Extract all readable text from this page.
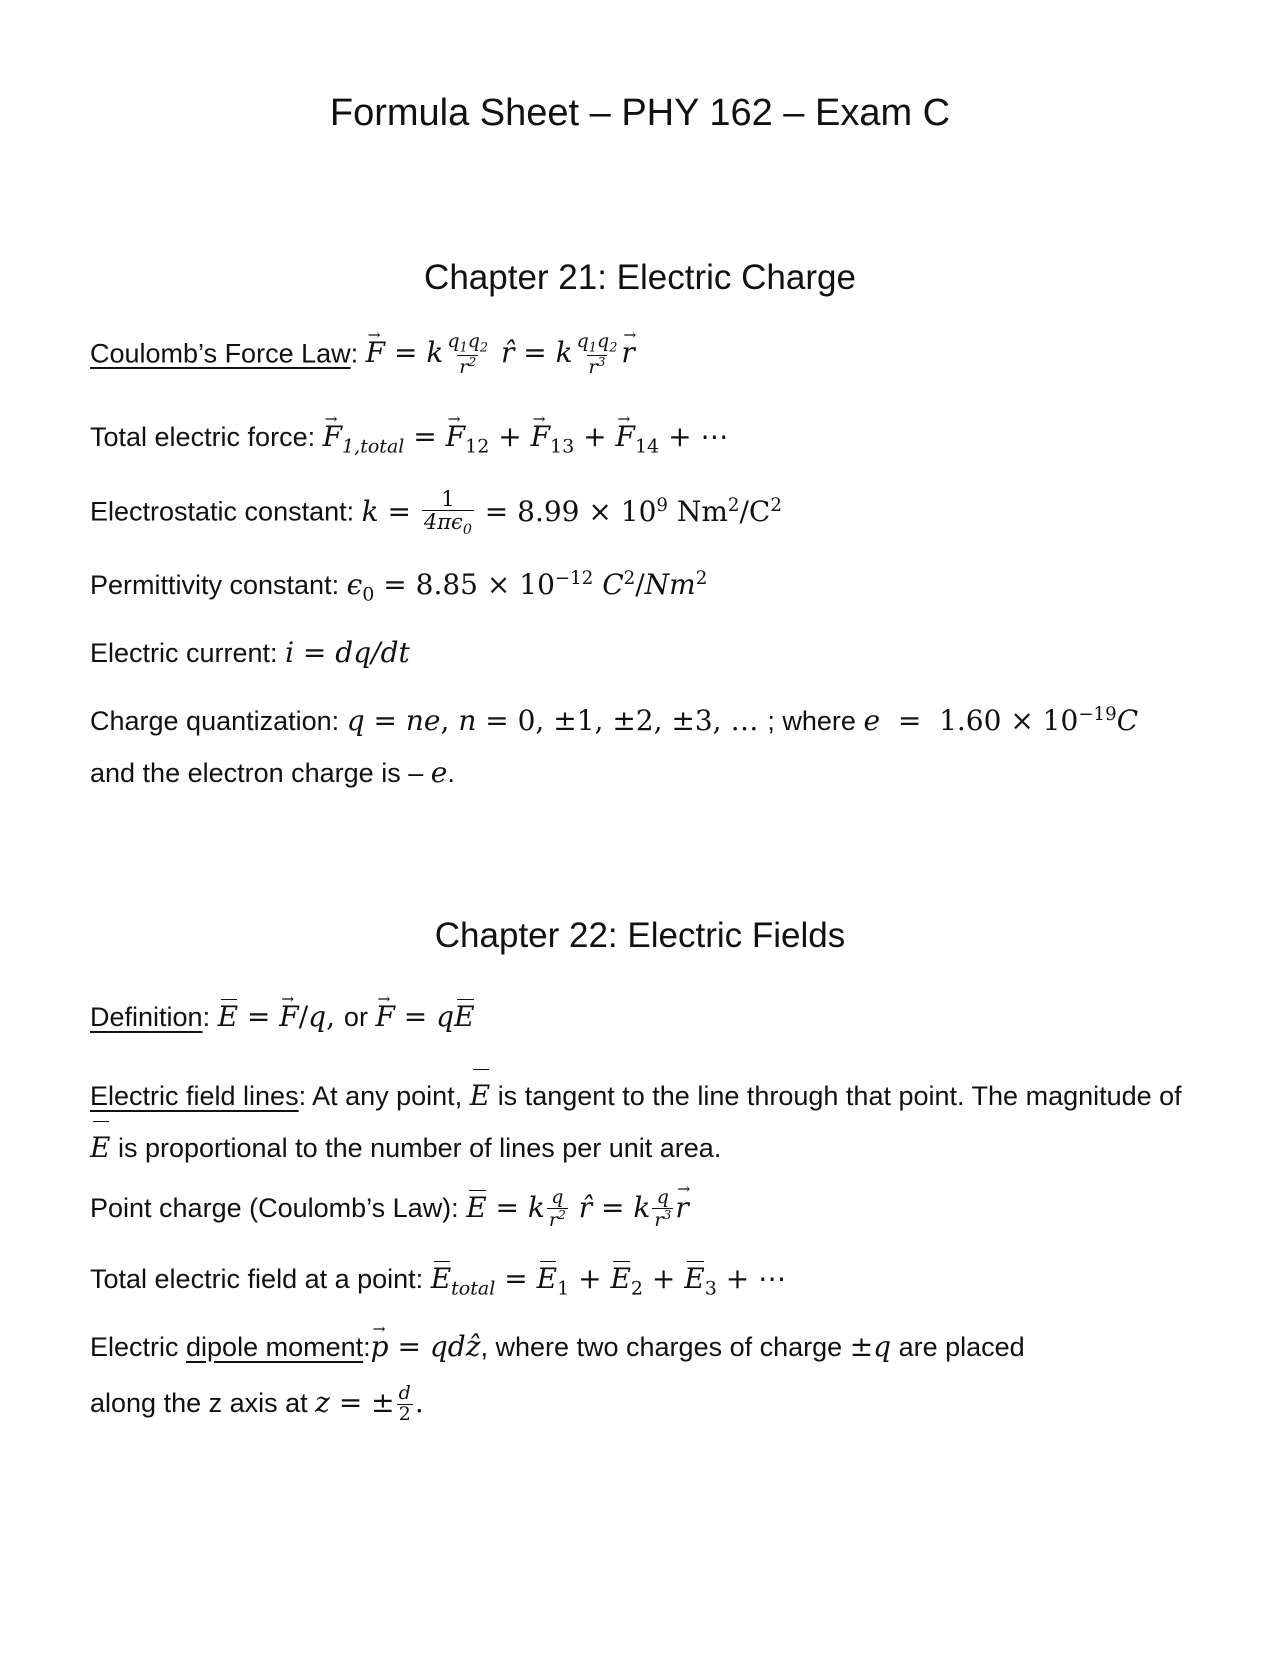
Formula Sheet – PHY 162 – Exam C
Chapter 21: Electric Charge
Coulomb’s Force Law: → F = k $\frac{q_1q_2}{r^2}$ r̂ = k $\frac{q_1q_2}{r^3}$
→ r
Total electric force: → $F_{1,total}$ = → $F_{12}$ + → $F_{13}$ + → $F_{14}$ + ⋯
Electrostatic constant: $k = \frac{1}{4\pi\epsilon_0} = 8.99 \times 10^9$ $Nm^2/C^2$
Permittivity constant: $\epsilon_0 = 8.85 \times 10^{-12}$ $C^2/Nm^2$
Electric current: i = dq/dt
Charge quantization: q = ne, n = 0, ±1, ±2, ±3, … ; where $e = 1.60 \times 10^{-19}C$
and the electron charge is – e.
Chapter 22: Electric Fields
Definition: E = → F/q, or → F = qE
Electric field lines: At any point, E is tangent to the line through that point. The magnitude of E is proportional to the number of lines per unit area.
Point charge (Coulomb’s Law): E = k $\frac{q}{r^2}$ r̂ = k $\frac{q}{r^3}$
→ r
Total electric field at a point: $E_{total} = E_1 + E_2 + E_3$ + ⋯
Electric dipole moment:→ p = qdẑ, where two charges of charge ±q are placed
along the z axis at z = ± $\frac{d}{2}$ .
